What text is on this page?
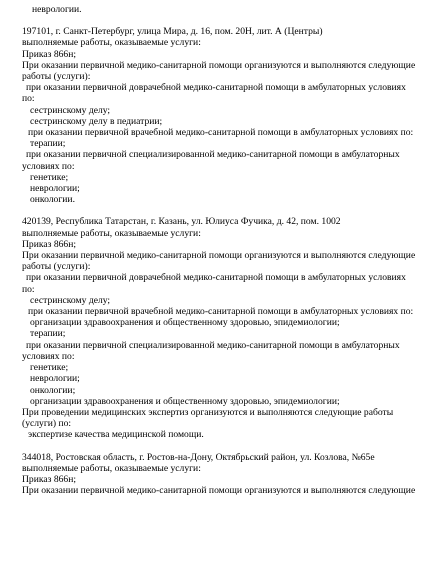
неврологии.

197101, г. Санкт-Петербург, улица Мира, д. 16, пом. 20Н, лит. А (Центры)

выполняемые работы, оказываемые услуги:

Приказ 866н;

При оказании первичной медико-санитарной помощи организуются и выполняются следующие

работы (услуги):

при оказании первичной доврачебной медико-санитарной помощи в амбулаторных условиях

по:

сестринскому делу;

сестринскому делу в педиатрии;

при оказании первичной врачебной медико-санитарной помощи в амбулаторных условиях по:

терапии;

при оказании первичной специализированной медико-санитарной помощи в амбулаторных

условиях по:

генетике;

неврологии;

онкологии.

420139, Республика Татарстан, г. Казань, ул. Юлиуса Фучика, д. 42, пом. 1002

выполняемые работы, оказываемые услуги:

Приказ 866н;

При оказании первичной медико-санитарной помощи организуются и выполняются следующие

работы (услуги):

при оказании первичной доврачебной медико-санитарной помощи в амбулаторных условиях

по:

сестринскому делу;

при оказании первичной врачебной медико-санитарной помощи в амбулаторных условиях по:

организации здравоохранения и общественному здоровью, эпидемиологии;

терапии;

при оказании первичной специализированной медико-санитарной помощи в амбулаторных

условиях по:

генетике;

неврологии;

онкологии;

организации здравоохранения и общественному здоровью, эпидемиологии;

При проведении медицинских экспертиз организуются и выполняются следующие работы

(услуги) по:

экспертизе качества медицинской помощи.

344018, Ростовская область, г. Ростов-на-Дону, Октябрьский район, ул. Козлова, №65е

выполняемые работы, оказываемые услуги:

Приказ 866н;

При оказании первичной медико-санитарной помощи организуются и выполняются следующие
